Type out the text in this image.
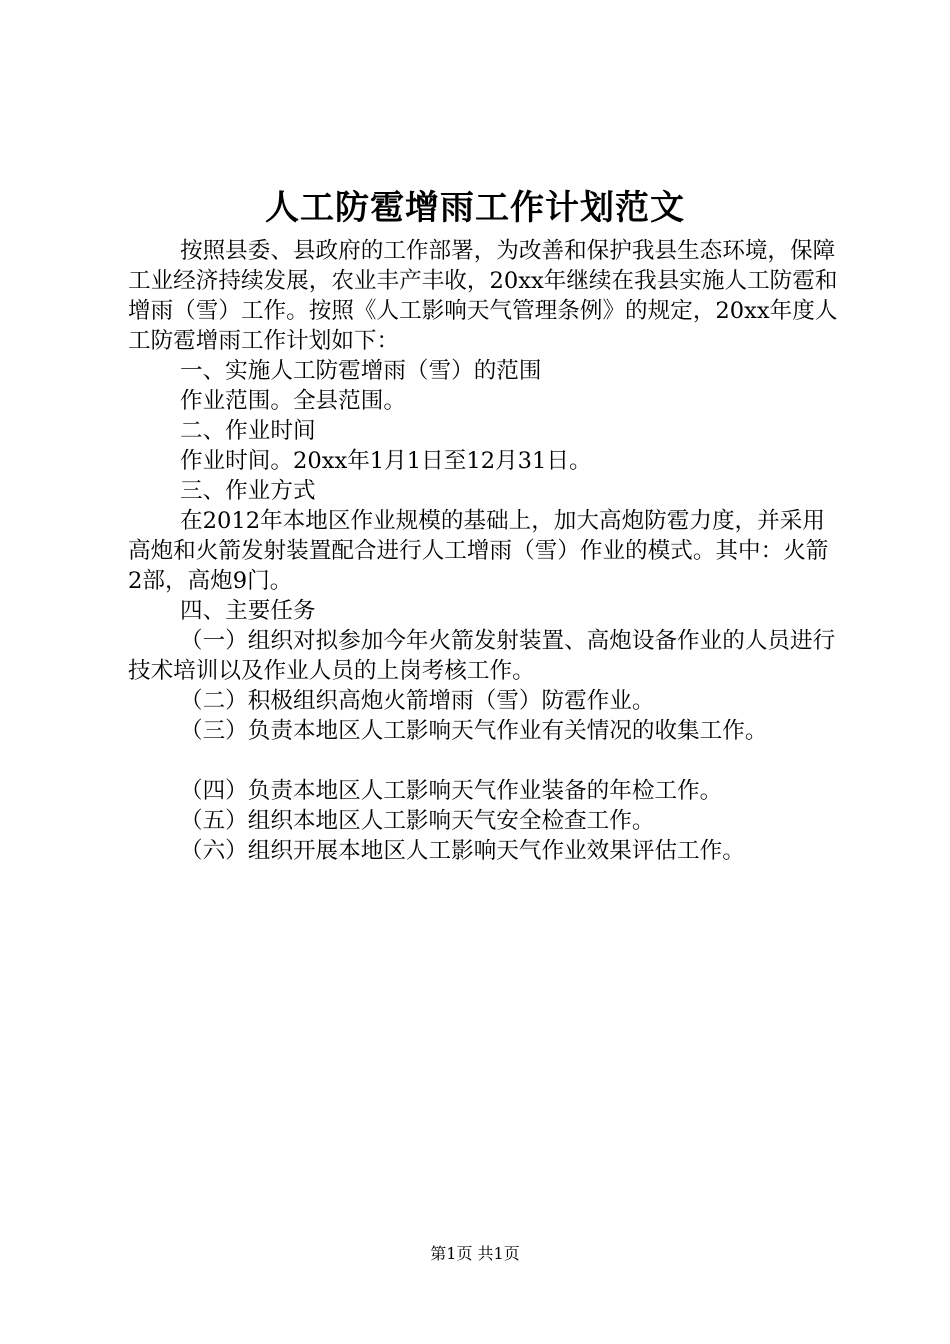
人工防雹增雨工作计划范文

按照县委、县政府的工作部署，为改善和保护我县生态环境，保障工业经济持续发展，农业丰产丰收，20xx年继续在我县实施人工防雹和增雨（雪）工作。按照《人工影响天气管理条例》的规定，20xx年度人工防雹增雨工作计划如下：

一、实施人工防雹增雨（雪）的范围

作业范围。全县范围。

二、作业时间

作业时间。20xx年1月1日至12月31日。

三、作业方式

在2012年本地区作业规模的基础上，加大高炮防雹力度，并采用高炮和火箭发射装置配合进行人工增雨（雪）作业的模式。其中：火箭2部，高炮9门。

四、主要任务

（一）组织对拟参加今年火箭发射装置、高炮设备作业的人员进行技术培训以及作业人员的上岗考核工作。

（二）积极组织高炮火箭增雨（雪）防雹作业。

（三）负责本地区人工影响天气作业有关情况的收集工作。

（四）负责本地区人工影响天气作业装备的年检工作。

（五）组织本地区人工影响天气安全检查工作。

（六）组织开展本地区人工影响天气作业效果评估工作。

第1页 共1页
